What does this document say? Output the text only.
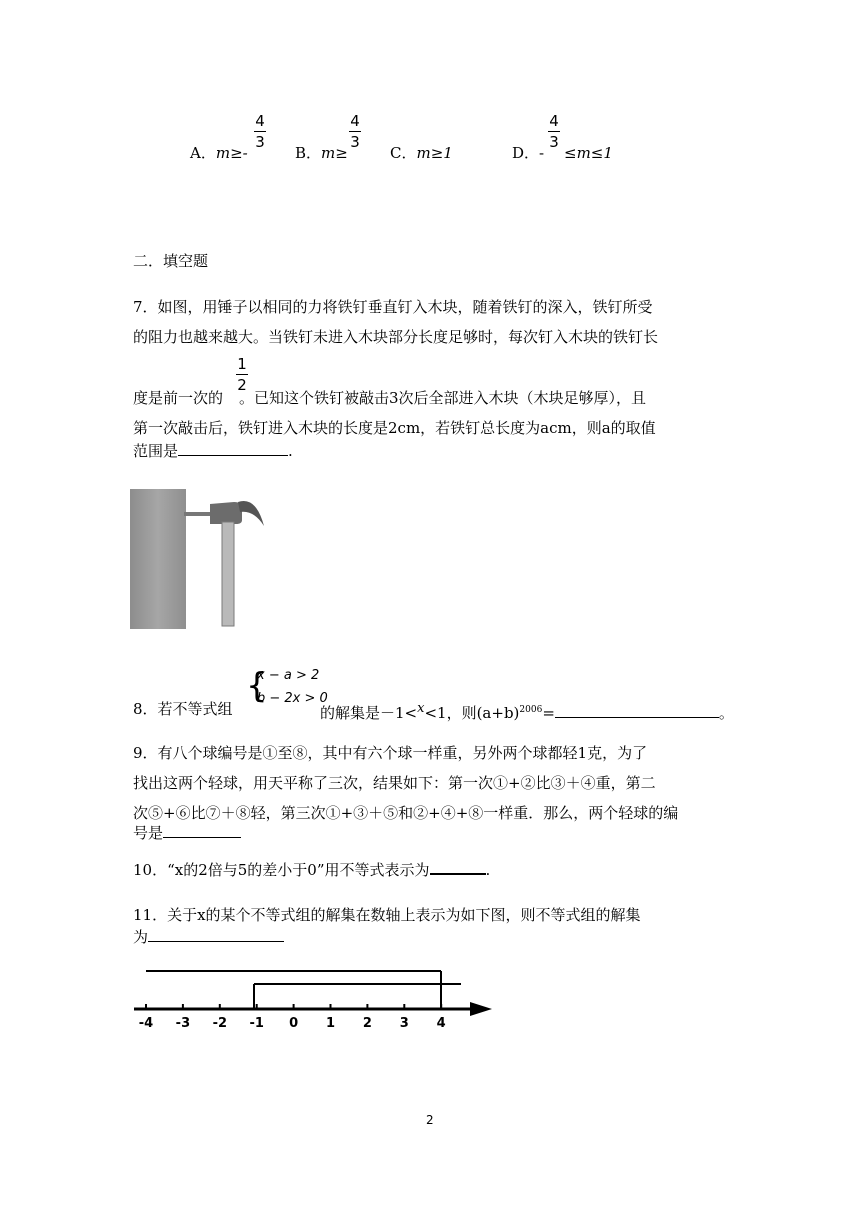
A．m≥-
4
3
B．m≥
4
3
C．m≥1	D．-
4
3
≤m≤1
二．填空题
7．如图，用锤子以相同的力将铁钉垂直钉入木块，随着铁钉的深入，铁钉所受
的阻力也越来越大。当铁钉未进入木块部分长度足够时，每次钉入木块的铁钉长
度是前一次的 。已知这个铁钉被敲击3次后全部进入木块（木块足够厚），且
1
2
第一次敲击后，铁钉进入木块的长度是2cm，若铁钉总长度为acm，则a的取值
范围是	.
{
x − a > 2
b − 2x > 0
8．若不等式组	的解集是－1<$^x$<1，则$(a+b)^{2006}=$	。
9．有八个球编号是①至⑧，其中有六个球一样重，另外两个球都轻1克，为了
找出这两个轻球，用天平称了三次，结果如下：第一次①+②比③＋④重，第二
次⑤+⑥比⑦＋⑧轻，第三次①+③＋⑤和②+④+⑧一样重．那么，两个轻球的编
号是
10．“x的2倍与5的差小于0”用不等式表示为	.
11．关于x的某个不等式组的解集在数轴上表示为如下图，则不等式组的解集
为
-4 -3 -2 -1 0 1 2 3 4
2
